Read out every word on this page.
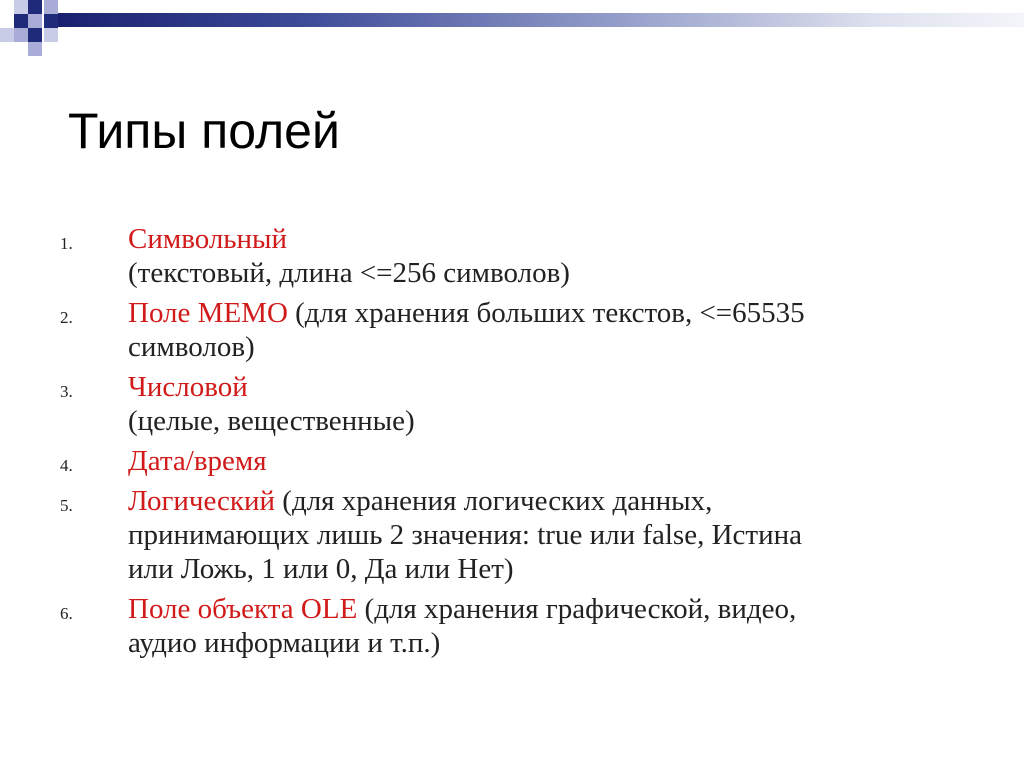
Типы полей
1. Символьный
(текстовый, длина <=256 символов)
2. Поле МЕМО (для хранения больших текстов, <=65535
символов)
3. Числовой
(целые, вещественные)
4. Дата/время
5. Логический (для хранения логических данных,
принимающих лишь 2 значения: true или false, Истина
или Ложь, 1 или 0, Да или Нет)
6. Поле объекта OLE (для хранения графической, видео,
аудио информации и т.п.)
